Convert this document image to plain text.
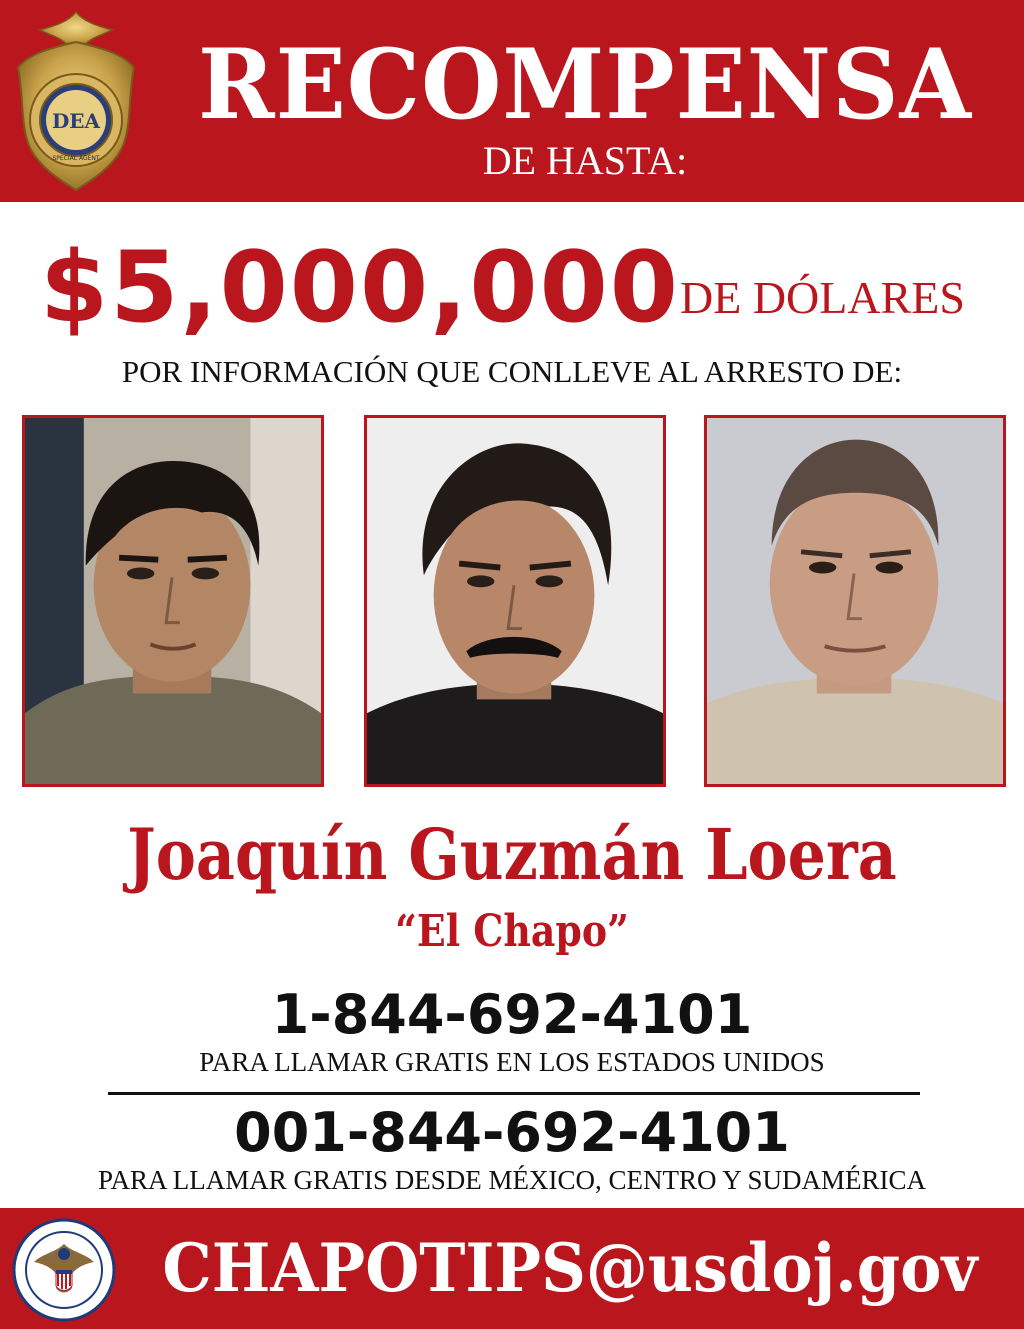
DEA
SPECIAL AGENT
RECOMPENSA
DE HASTA:
$5,000,000 DE DÓLARES
POR INFORMACIÓN QUE CONLLEVE AL ARRESTO DE:
Joaquín Guzmán Loera
“El Chapo”
1-844-692-4101
PARA LLAMAR GRATIS EN LOS ESTADOS UNIDOS
001-844-692-4101
PARA LLAMAR GRATIS DESDE MÉXICO, CENTRO Y SUDAMÉRICA
CHAPOTIPS@usdoj.gov
